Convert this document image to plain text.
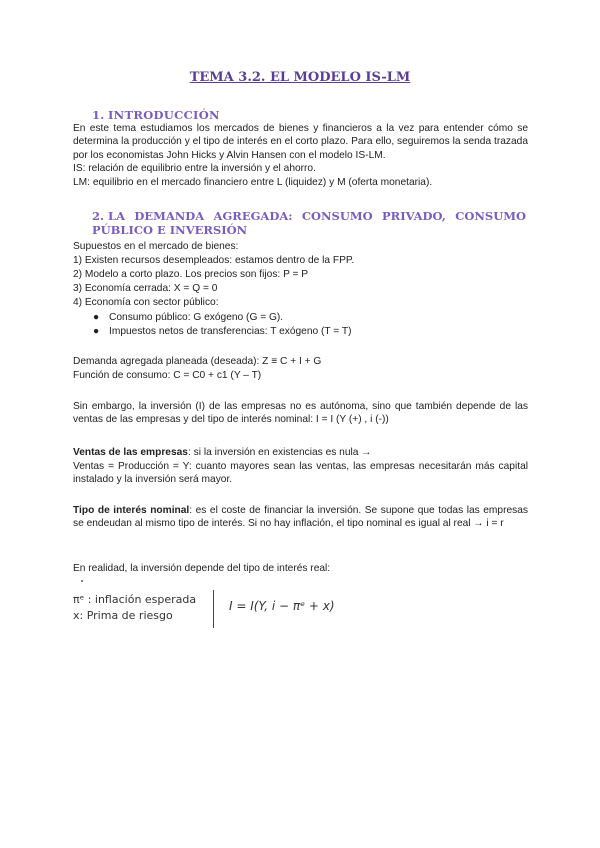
TEMA 3.2. EL MODELO IS-LM
1. INTRODUCCIÓN
En este tema estudiamos los mercados de bienes y financieros a la vez para entender cómo se determina la producción y el tipo de interés en el corto plazo. Para ello, seguiremos la senda trazada por los economistas John Hicks y Alvin Hansen con el modelo IS-LM.
IS: relación de equilibrio entre la inversión y el ahorro.
LM: equilibrio en el mercado financiero entre L (liquidez) y M (oferta monetaria).
2. LA DEMANDA AGREGADA: CONSUMO PRIVADO, CONSUMO PÚBLICO E INVERSIÓN
Supuestos en el mercado de bienes:
1) Existen recursos desempleados: estamos dentro de la FPP.
2) Modelo a corto plazo. Los precios son fijos: P = P
3) Economía cerrada: X = Q = 0
4) Economía con sector público:
● Consumo público: G exógeno (G = G).
● Impuestos netos de transferencias: T exógeno (T = T)
Demanda agregada planeada (deseada): Z ≡ C + I + G
Función de consumo: C = C0 + c1 (Y – T)
Sin embargo, la inversión (I) de las empresas no es autónoma, sino que también depende de las ventas de las empresas y del tipo de interés nominal: I = I (Y (+) , i (-))
Ventas de las empresas: si la inversión en existencias es nula →
Ventas = Producción = Y: cuanto mayores sean las ventas, las empresas necesitarán más capital instalado y la inversión será mayor.
Tipo de interés nominal: es el coste de financiar la inversión. Se supone que todas las empresas se endeudan al mismo tipo de interés. Si no hay inflación, el tipo nominal es igual al real → i = r
En realidad, la inversión depende del tipo de interés real:
πᵉ : inflación esperada
x: Prima de riesgo
I = I(Y, i − πᵉ + x)
